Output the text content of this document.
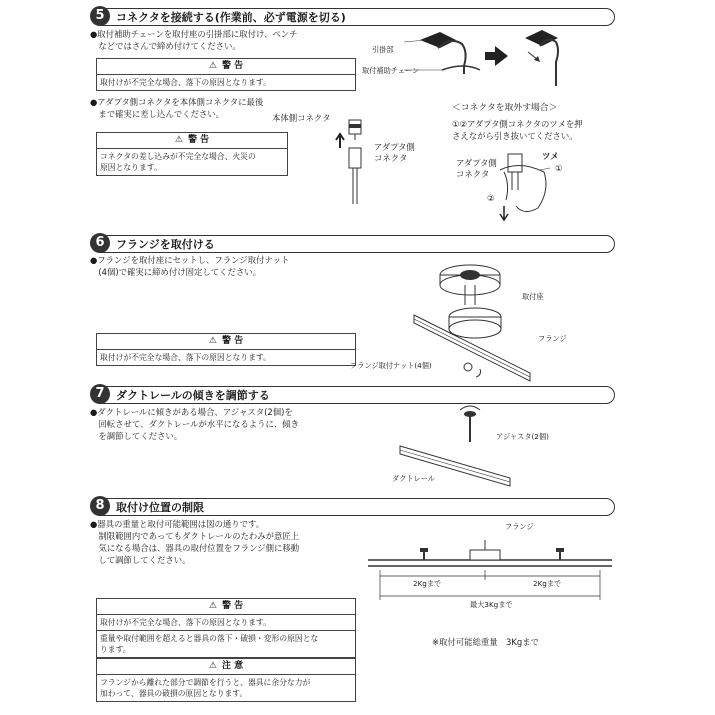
5	コネクタを接続する(作業前、必ず電源を切る)
●取付補助チェーンを取付座の引掛部に取付け、ペンチ
　などではさんで締め付けてください。
⚠ 警 告
取付けが不完全な場合、落下の原因となります。
●アダプタ側コネクタを本体側コネクタに最後
　まで確実に差し込んでください。
⚠ 警 告
コネクタの差し込みが不完全な場合、火災の
原因となります。
引掛部
取付補助チェーン
本体側コネクタ
アダプタ側
コネクタ
＜コネクタを取外す場合＞
①②アダプタ側コネクタのツメを押
さえながら引き抜いてください。
アダプタ側
コネクタ
ツメ
①
②
6	フランジを取付ける
●フランジを取付座にセットし、フランジ取付ナット
　(4個)で確実に締め付け固定してください。
⚠ 警 告
取付けが不完全な場合、落下の原因となります。
取付座
フランジ
フランジ取付ナット(4個)
7	ダクトレールの傾きを調節する
●ダクトレールに傾きがある場合、アジャスタ(2個)を
　回転させて、ダクトレールが水平になるように、傾き
　を調節してください。	アジャスタ(2個)
ダクトレール
8	取付け位置の制限
●器具の重量と取付可能範囲は図の通りです。
　制限範囲内であってもダクトレールのたわみが意匠上
　気になる場合は、器具の取付位置をフランジ側に移動
　して調節してください。
フランジ
2Kgまで	2Kgまで
最大3Kgまで
※取付可能総重量　3Kgまで
⚠ 警 告
取付けが不完全な場合、落下の原因となります。
重量や取付範囲を超えると器具の落下・破損・変形の原因とな
ります。
⚠ 注 意
フランジから離れた部分で調節を行うと、器具に余分な力が
加わって、器具の破損の原因となります。
